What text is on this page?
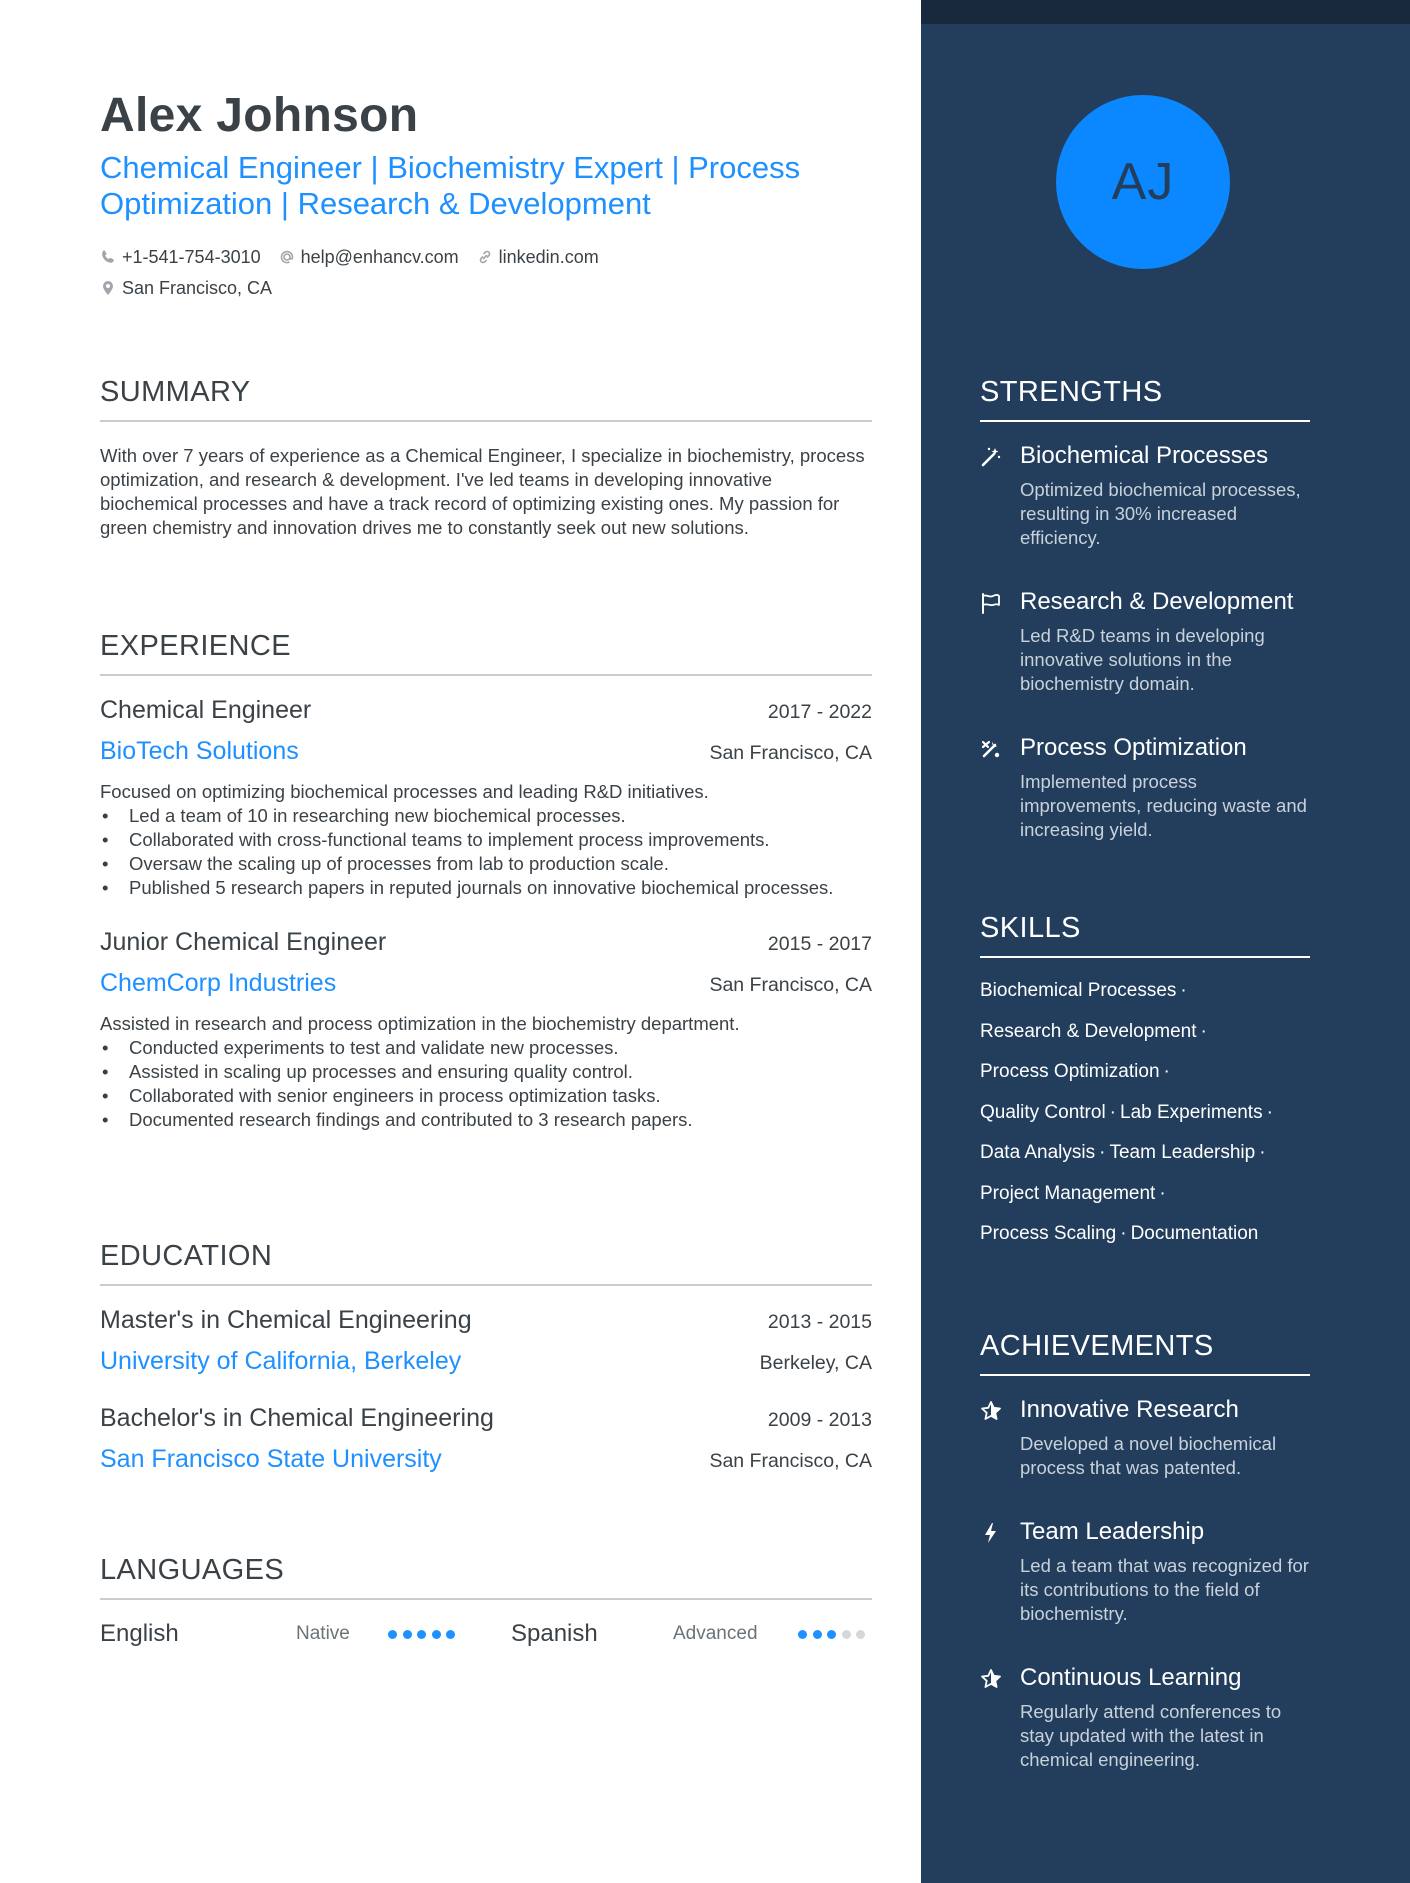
Alex Johnson
Chemical Engineer | Biochemistry Expert | Process Optimization | Research & Development
+1-541-754-3010 help@enhancv.com linkedin.com
San Francisco, CA
SUMMARY

With over 7 years of experience as a Chemical Engineer, I specialize in biochemistry, process optimization, and research & development. I've led teams in developing innovative biochemical processes and have a track record of optimizing existing ones. My passion for green chemistry and innovation drives me to constantly seek out new solutions.

EXPERIENCE
Chemical Engineer	2017 - 2022
BioTech Solutions	San Francisco, CA
Focused on optimizing biochemical processes and leading R&D initiatives.
• Led a team of 10 in researching new biochemical processes.
• Collaborated with cross-functional teams to implement process improvements.
• Oversaw the scaling up of processes from lab to production scale.
• Published 5 research papers in reputed journals on innovative biochemical processes.
Junior Chemical Engineer	2015 - 2017
ChemCorp Industries	San Francisco, CA
Assisted in research and process optimization in the biochemistry department.
• Conducted experiments to test and validate new processes.
• Assisted in scaling up processes and ensuring quality control.
• Collaborated with senior engineers in process optimization tasks.
• Documented research findings and contributed to 3 research papers.
EDUCATION
Master's in Chemical Engineering	2013 - 2015
University of California, Berkeley	Berkeley, CA
Bachelor's in Chemical Engineering	2009 - 2013
San Francisco State University	San Francisco, CA
LANGUAGES
English	Native	Spanish	Advanced
AJ
STRENGTHS
Biochemical Processes
Optimized biochemical processes, resulting in 30% increased efficiency.
Research & Development
Led R&D teams in developing innovative solutions in the biochemistry domain.
Process Optimization
Implemented process improvements, reducing waste and increasing yield.
SKILLS
Biochemical Processes ·
Research & Development ·
Process Optimization ·
Quality Control · Lab Experiments ·
Data Analysis · Team Leadership ·
Project Management ·
Process Scaling · Documentation
ACHIEVEMENTS
Innovative Research
Developed a novel biochemical process that was patented.
Team Leadership
Led a team that was recognized for its contributions to the field of biochemistry.
Continuous Learning
Regularly attend conferences to stay updated with the latest in chemical engineering.
